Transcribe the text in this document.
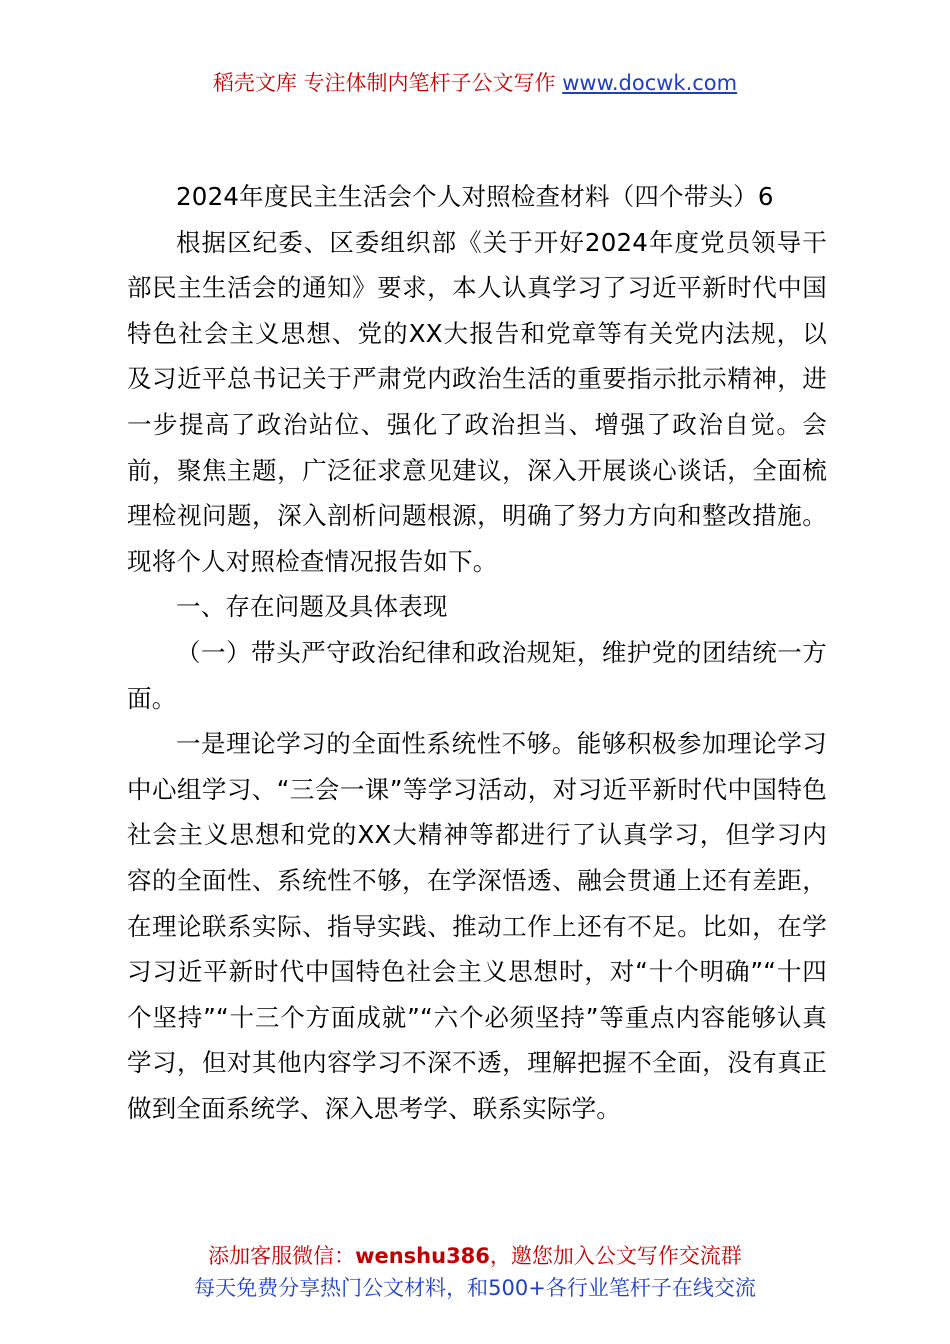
稻壳文库 专注体制内笔杆子公文写作 www.docwk.com

2024年度民主生活会个人对照检查材料（四个带头）6

根据区纪委、区委组织部《关于开好2024年度党员领导干部民主生活会的通知》要求，本人认真学习了习近平新时代中国特色社会主义思想、党的XX大报告和党章等有关党内法规，以及习近平总书记关于严肃党内政治生活的重要指示批示精神，进一步提高了政治站位、强化了政治担当、增强了政治自觉。会前，聚焦主题，广泛征求意见建议，深入开展谈心谈话，全面梳理检视问题，深入剖析问题根源，明确了努力方向和整改措施。现将个人对照检查情况报告如下。

一、存在问题及具体表现

（一）带头严守政治纪律和政治规矩，维护党的团结统一方面。

一是理论学习的全面性系统性不够。能够积极参加理论学习中心组学习、“三会一课”等学习活动，对习近平新时代中国特色社会主义思想和党的XX大精神等都进行了认真学习，但学习内容的全面性、系统性不够，在学深悟透、融会贯通上还有差距，在理论联系实际、指导实践、推动工作上还有不足。比如，在学习习近平新时代中国特色社会主义思想时，对“十个明确”“十四个坚持”“十三个方面成就”“六个必须坚持”等重点内容能够认真学习，但对其他内容学习不深不透，理解把握不全面，没有真正做到全面系统学、深入思考学、联系实际学。

添加客服微信：wenshu386，邀您加入公文写作交流群
每天免费分享热门公文材料，和500+各行业笔杆子在线交流
